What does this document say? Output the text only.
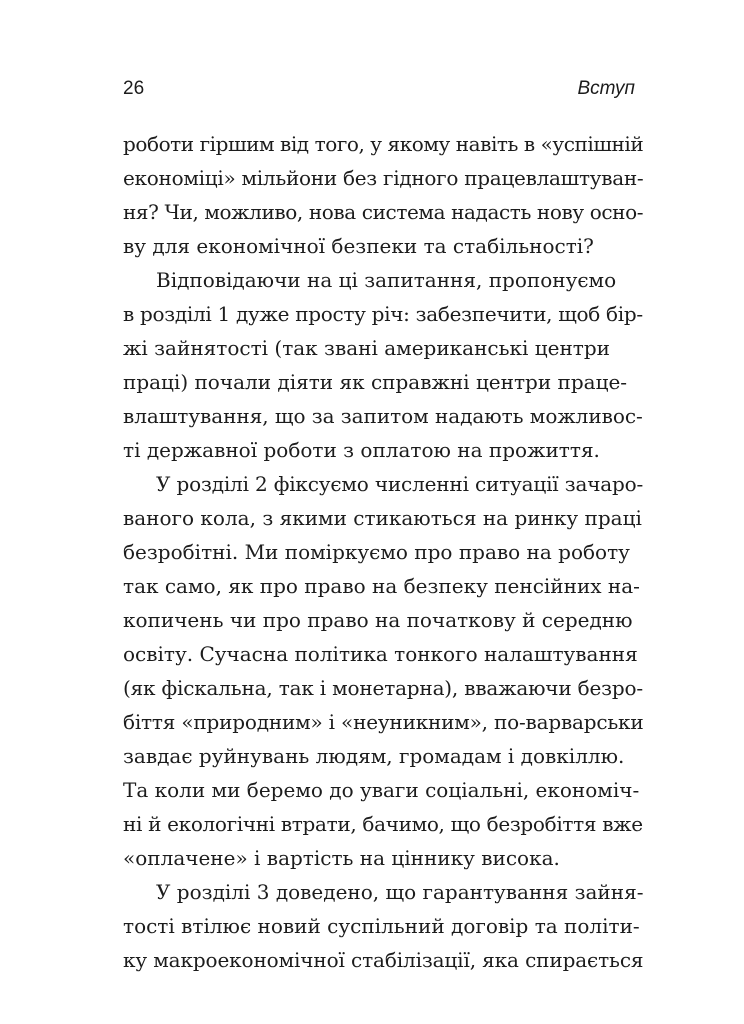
26	Вступ
роботи гіршим від того, у якому навіть в «успішній
економіці» мільйони без гідного працевлаштуван-
ня? Чи, можливо, нова система надасть нову осно-
ву для економічної безпеки та стабільності?
Відповідаючи на ці запитання, пропонуємо
в розділі 1 дуже просту річ: забезпечити, щоб бір-
жі зайнятості (так звані американські центри
праці) почали діяти як справжні центри праце-
влаштування, що за запитом надають можливос-
ті державної роботи з оплатою на прожиття.
У розділі 2 фіксуємо численні ситуації зачаро-
ваного кола, з якими стикаються на ринку праці
безробітні. Ми поміркуємо про право на роботу
так само, як про право на безпеку пенсійних на-
копичень чи про право на початкову й середню
освіту. Сучасна політика тонкого налаштування
(як фіскальна, так і монетарна), вважаючи безро-
біття «природним» і «неуникним», по-варварськи
завдає руйнувань людям, громадам і довкіллю.
Та коли ми беремо до уваги соціальні, економіч-
ні й екологічні втрати, бачимо, що безробіття вже
«оплачене» і вартість на ціннику висока.
У розділі 3 доведено, що гарантування зайня-
тості втілює новий суспільний договір та політи-
ку макроекономічної стабілізації, яка спирається
